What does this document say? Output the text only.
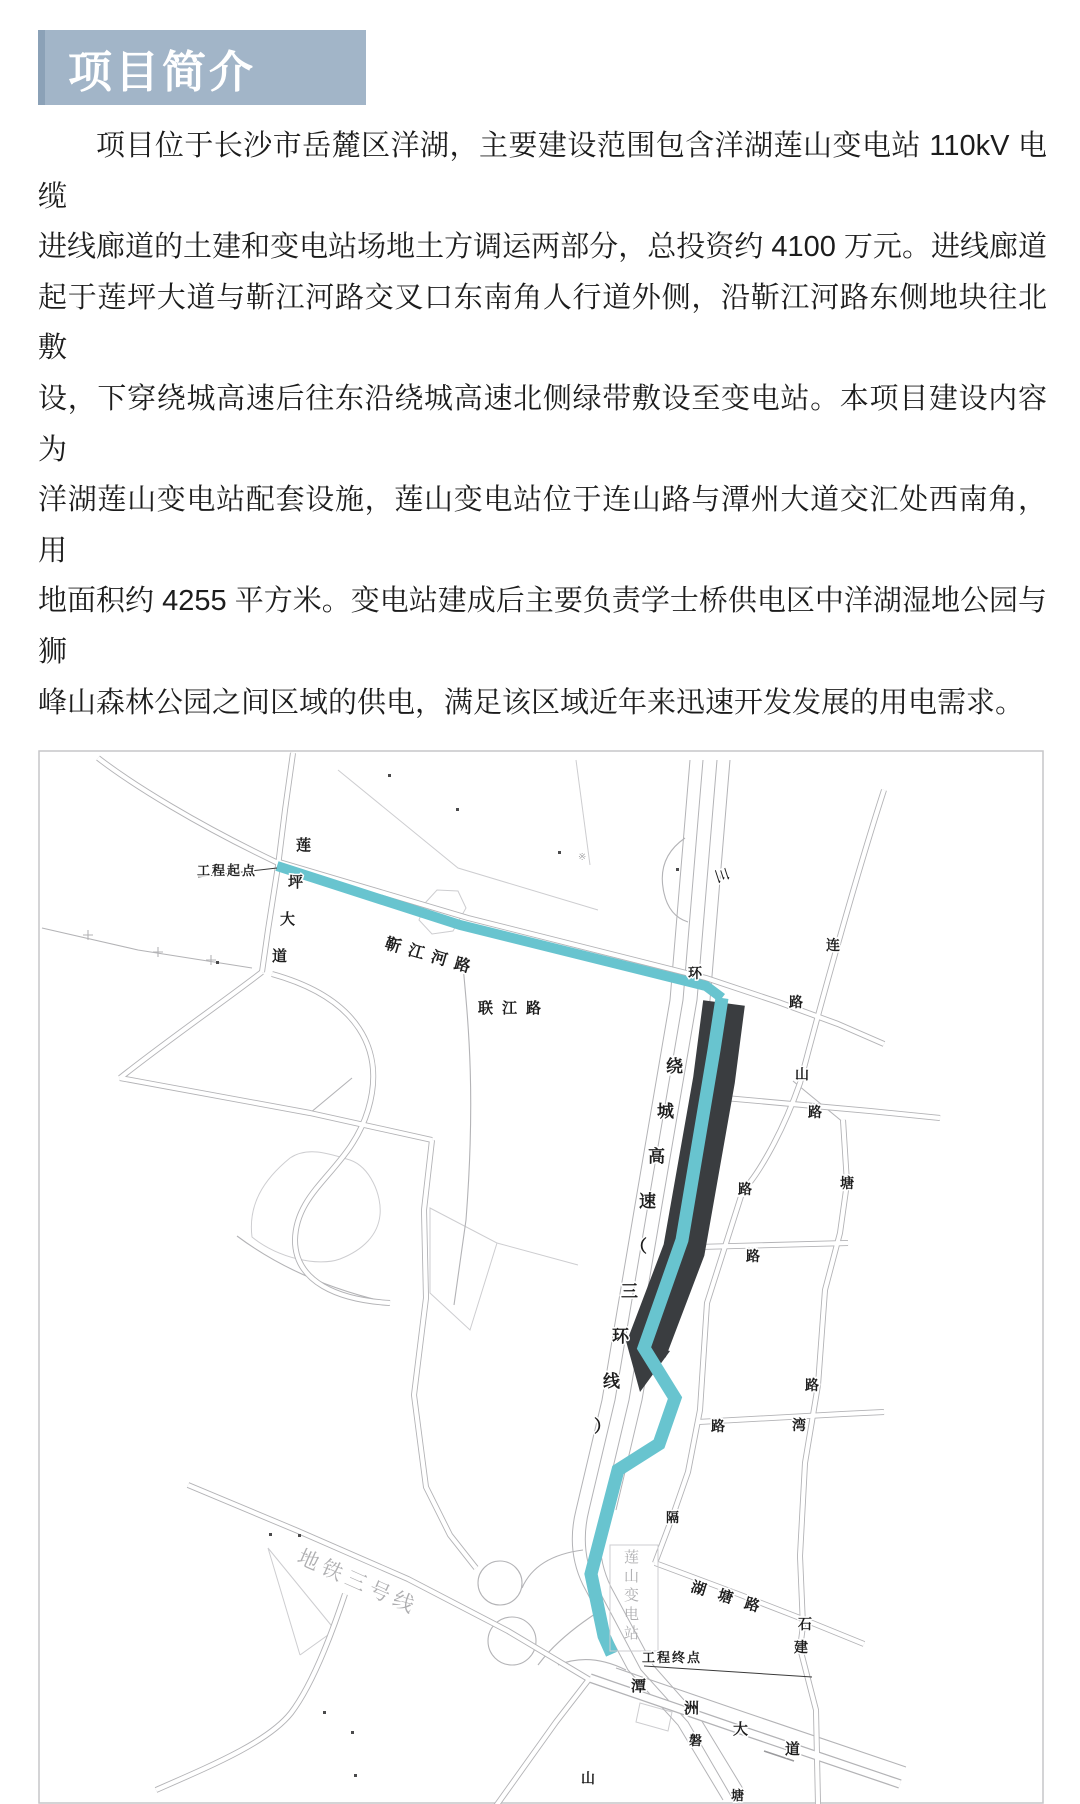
项目简介
项目位于长沙市岳麓区洋湖，主要建设范围包含洋湖莲山变电站 110kV 电缆
进线廊道的土建和变电站场地土方调运两部分，总投资约 4100 万元。进线廊道
起于莲坪大道与靳江河路交叉口东南角人行道外侧，沿靳江河路东侧地块往北敷
设，下穿绕城高速后往东沿绕城高速北侧绿带敷设至变电站。本项目建设内容为
洋湖莲山变电站配套设施，莲山变电站位于连山路与潭州大道交汇处西南角，用
地面积约 4255 平方米。变电站建成后主要负责学士桥供电区中洋湖湿地公园与狮
峰山森林公园之间区域的供电，满足该区域近年来迅速开发发展的用电需求。
工程起点
莲坪大道	靳江河路
联江路
三
环
路
连
山
路
塘
路
路
路
路	湾
绕城高速（三环线）
隔
莲山变电站
湖塘路
石
建
工程终点
潭
洲
大
道
山
磐
塘
地铁三号线
※
